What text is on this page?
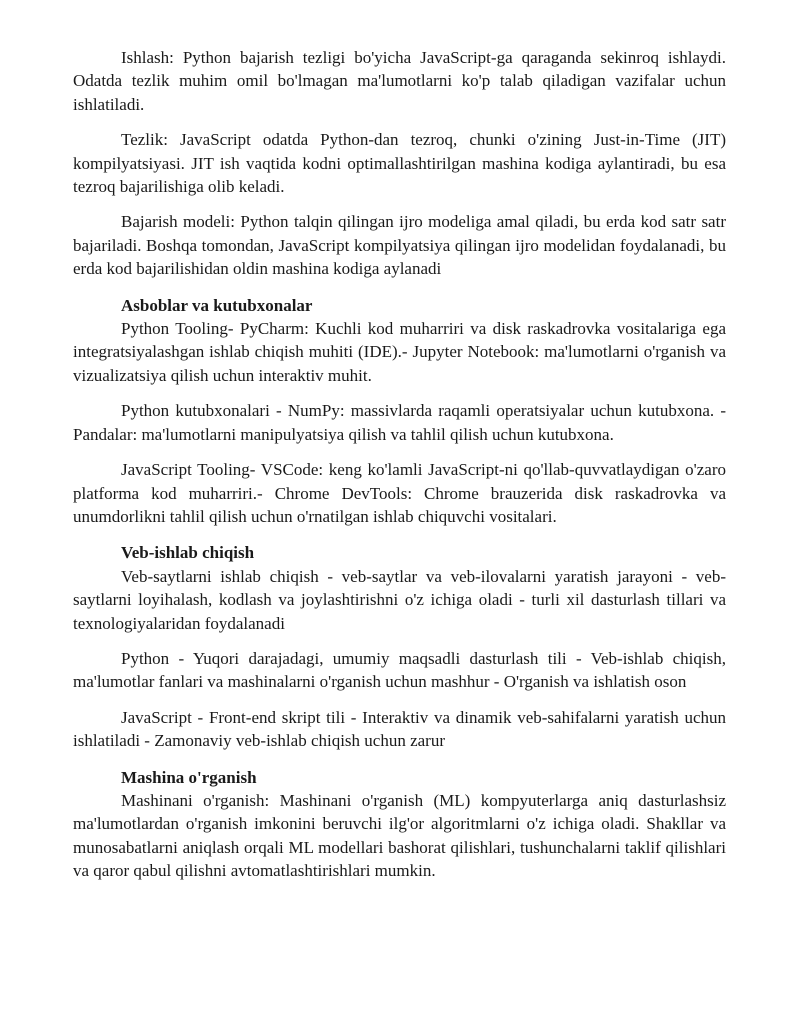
Ishlash: Python bajarish tezligi bo'yicha JavaScript-ga qaraganda sekinroq ishlaydi. Odatda tezlik muhim omil bo'lmagan ma'lumotlarni ko'p talab qiladigan vazifalar uchun ishlatiladi.

Tezlik: JavaScript odatda Python-dan tezroq, chunki o'zining Just-in-Time (JIT) kompilyatsiyasi. JIT ish vaqtida kodni optimallashtirilgan mashina kodiga aylantiradi, bu esa tezroq bajarilishiga olib keladi.

Bajarish modeli: Python talqin qilingan ijro modeliga amal qiladi, bu erda kod satr satr bajariladi. Boshqa tomondan, JavaScript kompilyatsiya qilingan ijro modelidan foydalanadi, bu erda kod bajarilishidan oldin mashina kodiga aylanadi

Asboblar va kutubxonalar

Python Tooling- PyCharm: Kuchli kod muharriri va disk raskadrovka vositalariga ega integratsiyalashgan ishlab chiqish muhiti (IDE).- Jupyter Notebook: ma'lumotlarni o'rganish va vizualizatsiya qilish uchun interaktiv muhit.

Python kutubxonalari - NumPy: massivlarda raqamli operatsiyalar uchun kutubxona. - Pandalar: ma'lumotlarni manipulyatsiya qilish va tahlil qilish uchun kutubxona.

JavaScript Tooling- VSCode: keng ko'lamli JavaScript-ni qo'llab-quvvatlaydigan o'zaro platforma kod muharriri.- Chrome DevTools: Chrome brauzerida disk raskadrovka va unumdorlikni tahlil qilish uchun o'rnatilgan ishlab chiquvchi vositalari.

Veb-ishlab chiqish

Veb-saytlarni ishlab chiqish - veb-saytlar va veb-ilovalarni yaratish jarayoni - veb-saytlarni loyihalash, kodlash va joylashtirishni o'z ichiga oladi - turli xil dasturlash tillari va texnologiyalaridan foydalanadi

Python - Yuqori darajadagi, umumiy maqsadli dasturlash tili - Veb-ishlab chiqish, ma'lumotlar fanlari va mashinalarni o'rganish uchun mashhur - O'rganish va ishlatish oson

JavaScript - Front-end skript tili - Interaktiv va dinamik veb-sahifalarni yaratish uchun ishlatiladi - Zamonaviy veb-ishlab chiqish uchun zarur

Mashina o'rganish

Mashinani o'rganish: Mashinani o'rganish (ML) kompyuterlarga aniq dasturlashsiz ma'lumotlardan o'rganish imkonini beruvchi ilg'or algoritmlarni o'z ichiga oladi. Shakllar va munosabatlarni aniqlash orqali ML modellari bashorat qilishlari, tushunchalarni taklif qilishlari va qaror qabul qilishni avtomatlashtirishlari mumkin.
